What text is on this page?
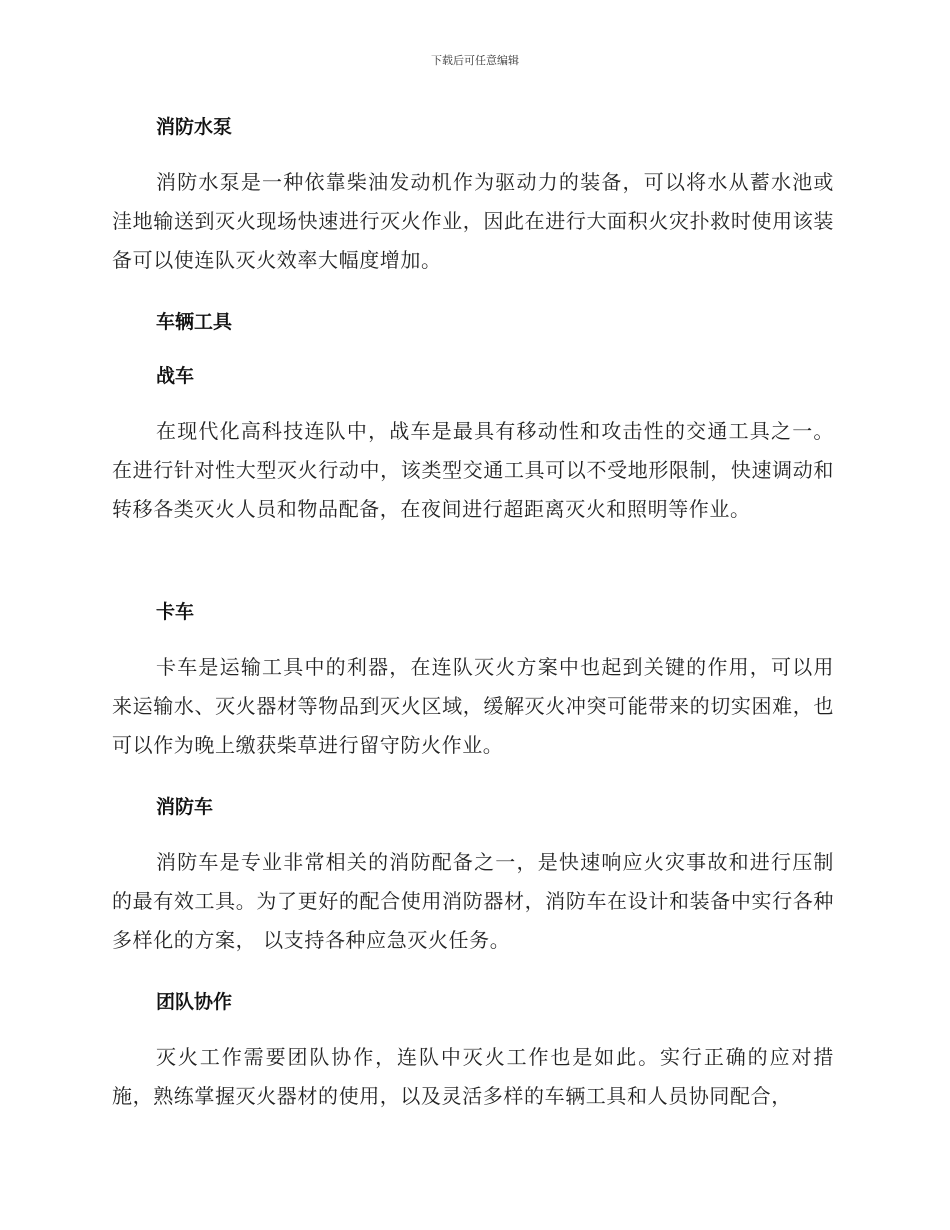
下载后可任意编辑
消防水泵

消防水泵是一种依靠柴油发动机作为驱动力的装备，可以将水从蓄水池或洼地输送到灭火现场快速进行灭火作业，因此在进行大面积火灾扑救时使用该装备可以使连队灭火效率大幅度增加。

车辆工具
战车

在现代化高科技连队中，战车是最具有移动性和攻击性的交通工具之一。在进行针对性大型灭火行动中，该类型交通工具可以不受地形限制，快速调动和转移各类灭火人员和物品配备，在夜间进行超距离灭火和照明等作业。

卡车

卡车是运输工具中的利器，在连队灭火方案中也起到关键的作用，可以用来运输水、灭火器材等物品到灭火区域，缓解灭火冲突可能带来的切实困难，也可以作为晚上缴获柴草进行留守防火作业。

消防车

消防车是专业非常相关的消防配备之一，是快速响应火灾事故和进行压制的最有效工具。为了更好的配合使用消防器材，消防车在设计和装备中实行各种多样化的方案， 以支持各种应急灭火任务。

团队协作

灭火工作需要团队协作，连队中灭火工作也是如此。实行正确的应对措施，熟练掌握灭火器材的使用，以及灵活多样的车辆工具和人员协同配合，
